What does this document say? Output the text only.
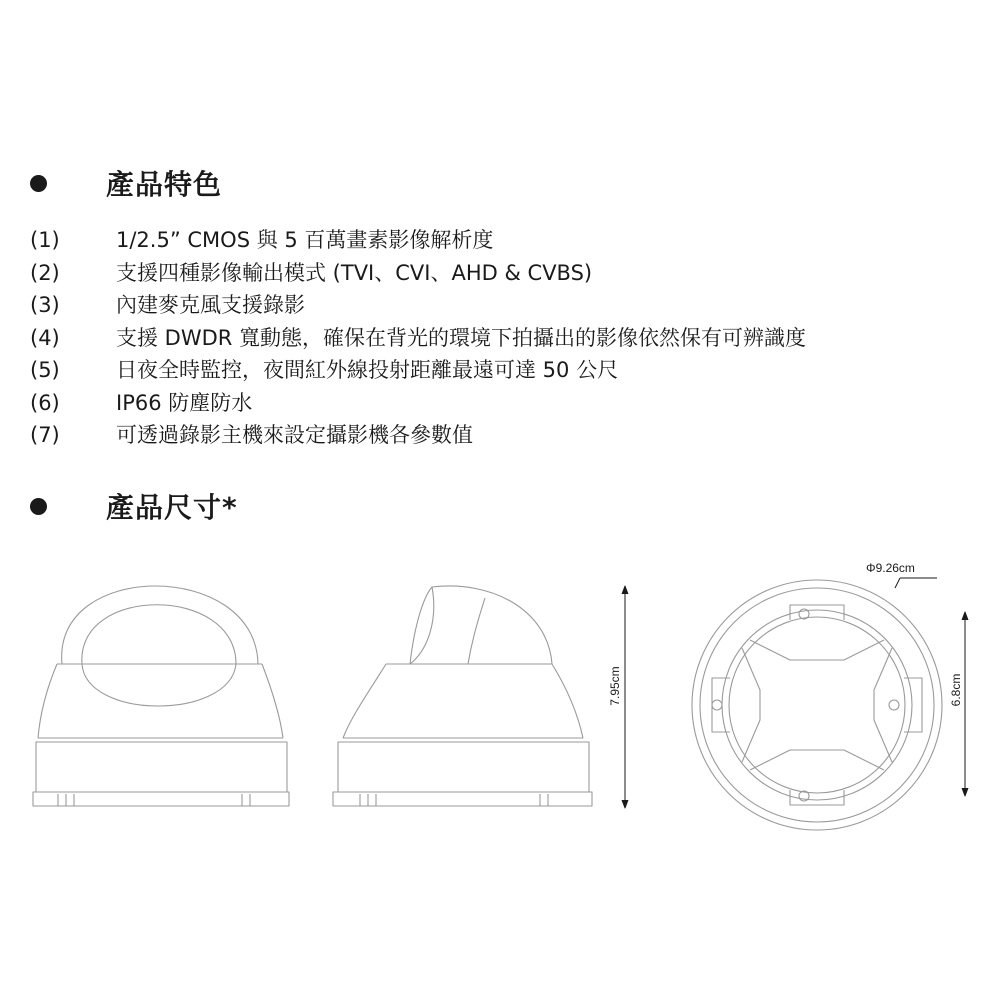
產品特色
(1)	1/2.5” CMOS 與 5 百萬畫素影像解析度
(2)	支援四種影像輸出模式 (TVI、CVI、AHD & CVBS)
(3)	內建麥克風支援錄影
(4)	支援 DWDR 寬動態，確保在背光的環境下拍攝出的影像依然保有可辨識度
(5)	日夜全時監控，夜間紅外線投射距離最遠可達 50 公尺
(6)	IP66 防塵防水
(7)	可透過錄影主機來設定攝影機各參數值
產品尺寸*
7.95cm
Φ9.26cm
6.8cm
